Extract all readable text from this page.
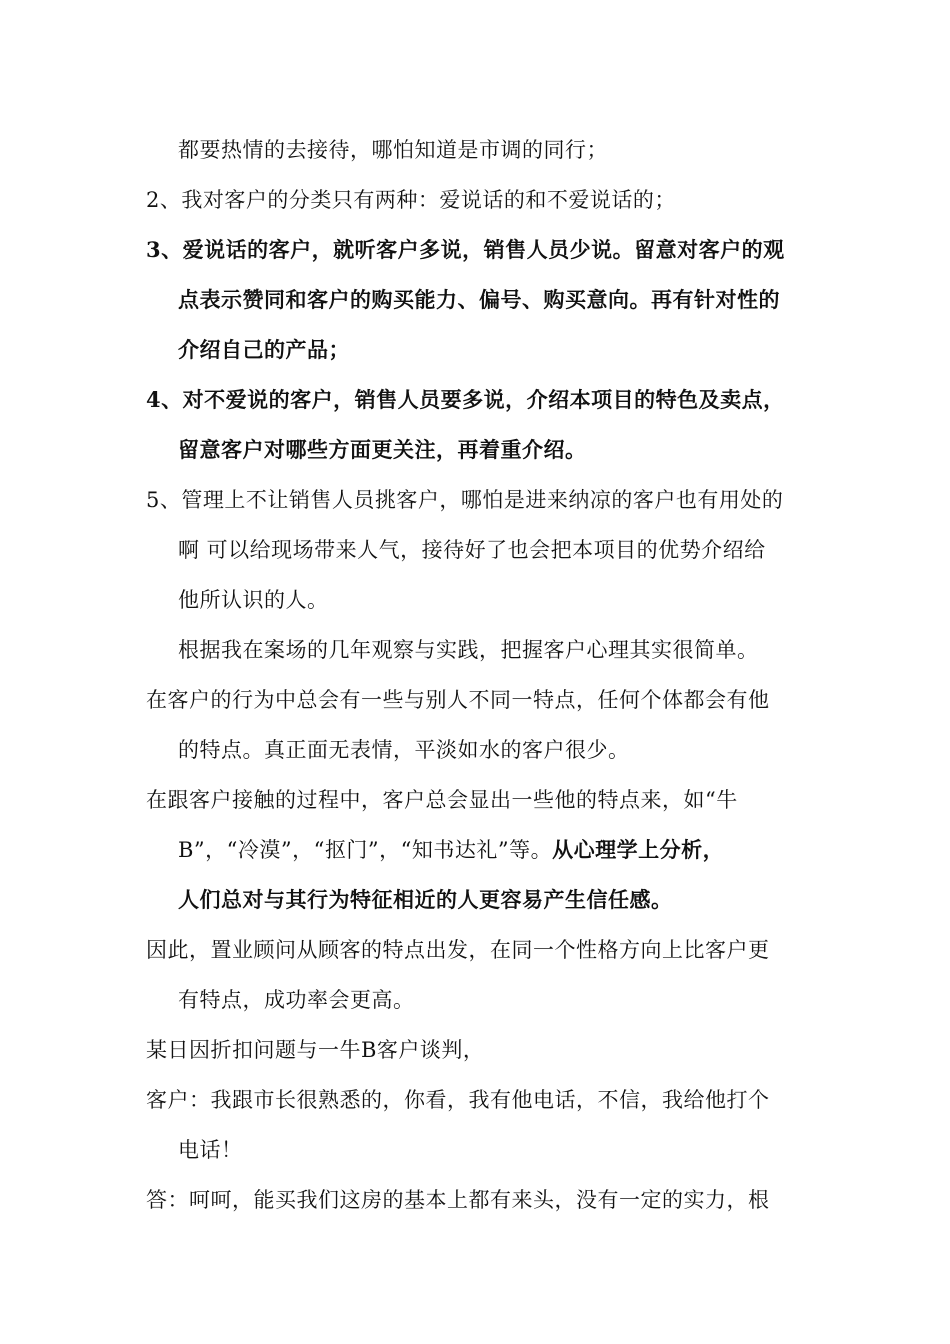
都要热情的去接待，哪怕知道是市调的同行；
2、我对客户的分类只有两种：爱说话的和不爱说话的；
3、爱说话的客户，就听客户多说，销售人员少说。留意对客户的观
点表示赞同和客户的购买能力、偏号、购买意向。再有针对性的
介绍自己的产品；
4、对不爱说的客户，销售人员要多说，介绍本项目的特色及卖点，
留意客户对哪些方面更关注，再着重介绍。
5、管理上不让销售人员挑客户，哪怕是进来纳凉的客户也有用处的
啊 可以给现场带来人气，接待好了也会把本项目的优势介绍给
他所认识的人。
根据我在案场的几年观察与实践，把握客户心理其实很简单。
在客户的行为中总会有一些与别人不同一特点，任何个体都会有他
的特点。真正面无表情，平淡如水的客户很少。
在跟客户接触的过程中，客户总会显出一些他的特点来，如“牛
B”，“冷漠”，“抠门”，“知书达礼”等。从心理学上分析，
人们总对与其行为特征相近的人更容易产生信任感。
因此，置业顾问从顾客的特点出发，在同一个性格方向上比客户更
有特点，成功率会更高。
某日因折扣问题与一牛B客户谈判，
客户：我跟市长很熟悉的，你看，我有他电话，不信，我给他打个
电话！
答：呵呵，能买我们这房的基本上都有来头，没有一定的实力，根
